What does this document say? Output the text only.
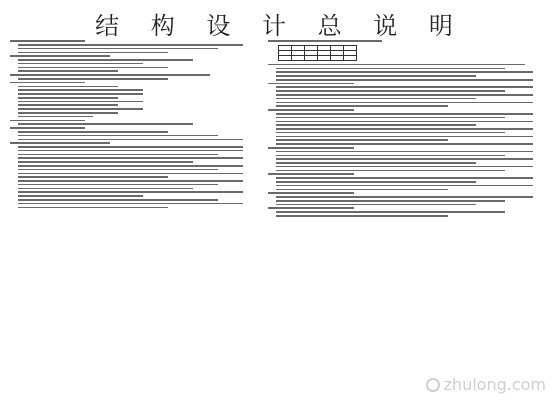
结 构 设 计 总 说 明

zhulong.com
